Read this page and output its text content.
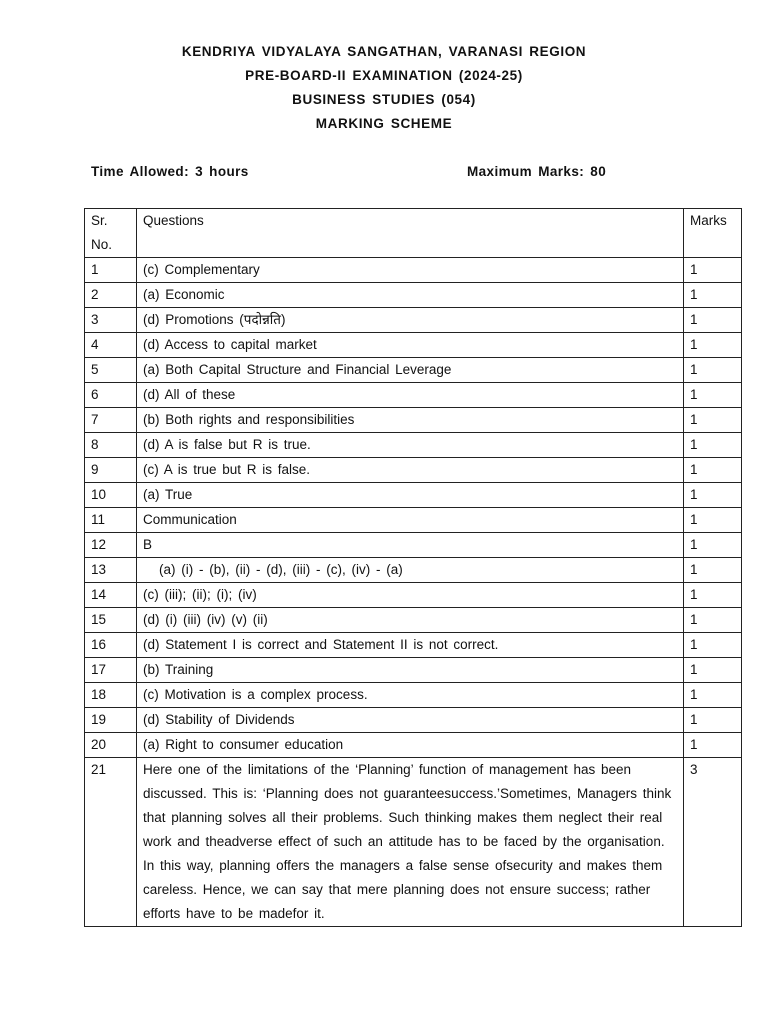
KENDRIYA VIDYALAYA SANGATHAN, VARANASI REGION
PRE-BOARD-II EXAMINATION (2024-25)
BUSINESS STUDIES (054)
MARKING SCHEME
Time Allowed: 3 hours	Maximum Marks: 80
Sr. No.	Questions	Marks
1	(c) Complementary	1
2	(a) Economic	1
3	(d) Promotions (पदोन्नति)	1
4	(d) Access to capital market	1
5	(a) Both Capital Structure and Financial Leverage	1
6	(d) All of these	1
7	(b) Both rights and responsibilities	1
8	(d) A is false but R is true.	1
9	(c) A is true but R is false.	1
10	(a) True	1
11	Communication	1
12	B	1
13	(a) (i) - (b), (ii) - (d), (iii) - (c), (iv) - (a)	1
14	(c) (iii); (ii); (i); (iv)	1
15	(d) (i) (iii) (iv) (v) (ii)	1
16	(d) Statement I is correct and Statement II is not correct.	1
17	(b) Training	1
18	(c) Motivation is a complex process.	1
19	(d) Stability of Dividends	1
20	(a) Right to consumer education	1
21	Here one of the limitations of the ‘Planning’ function of management has been discussed. This is: ‘Planning does not guaranteesuccess.’Sometimes, Managers think that planning solves all their problems. Such thinking makes them neglect their real work and theadverse effect of such an attitude has to be faced by the organisation. In this way, planning offers the managers a false sense ofsecurity and makes them careless. Hence, we can say that mere planning does not ensure success; rather efforts have to be madefor it.	3
